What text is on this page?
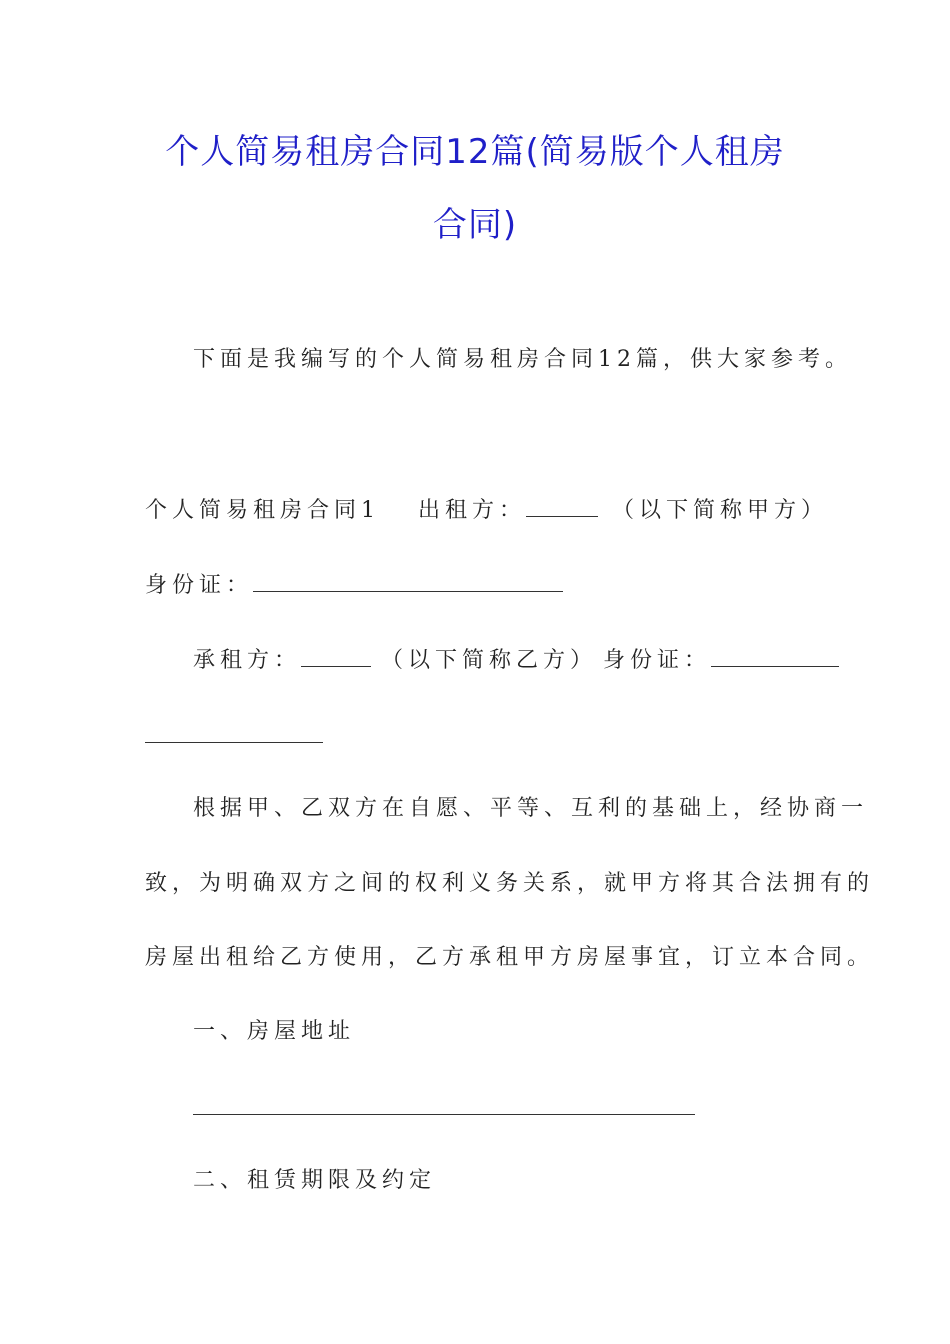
个人简易租房合同12篇(简易版个人租房
合同)
下面是我编写的个人简易租房合同12篇，供大家参考。
个人简易租房合同1 出租方：	（以下简称甲方）
身份证：
承租方：	（以下简称乙方） 身份证：
根据甲、乙双方在自愿、平等、互利的基础上，经协商一
致，为明确双方之间的权利义务关系，就甲方将其合法拥有的
房屋出租给乙方使用，乙方承租甲方房屋事宜，订立本合同。
一、房屋地址
二、租赁期限及约定
